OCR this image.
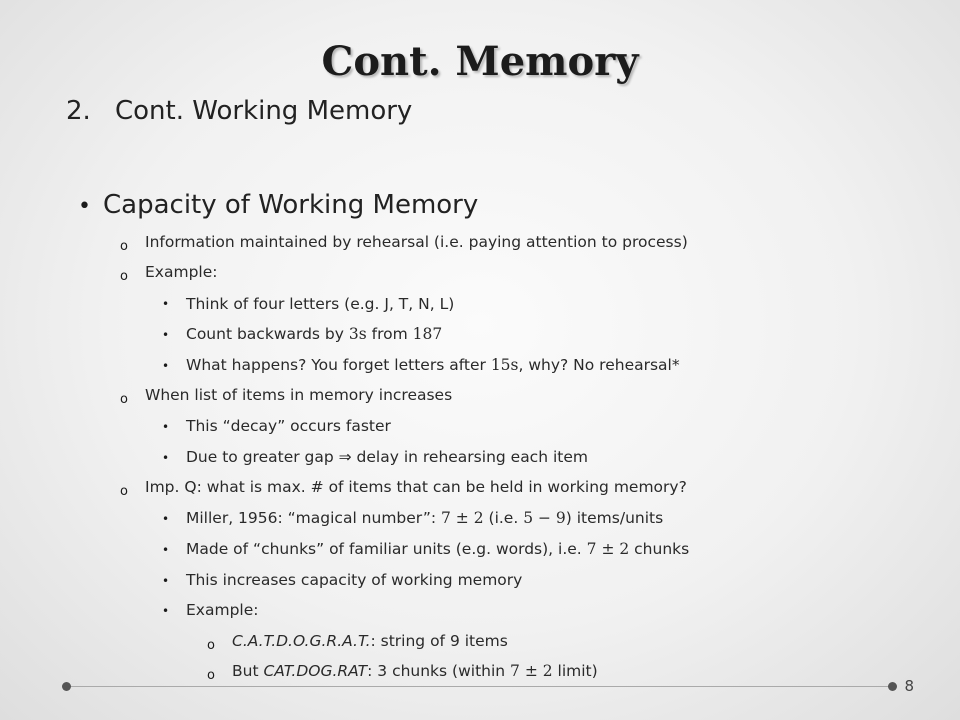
Cont. Memory
2. Cont. Working Memory
• Capacity of Working Memory
o Information maintained by rehearsal (i.e. paying attention to process)
o Example:
• Think of four letters (e.g. J, T, N, L)
• Count backwards by 3s from 187
• What happens? You forget letters after 15s, why? No rehearsal*
o When list of items in memory increases
• This “decay” occurs faster
• Due to greater gap ⇒ delay in rehearsing each item
o Imp. Q: what is max. # of items that can be held in working memory?
• Miller, 1956: “magical number”: 7 ± 2 (i.e. 5 − 9) items/units
• Made of “chunks” of familiar units (e.g. words), i.e. 7 ± 2 chunks
• This increases capacity of working memory
• Example:
o C.A.T.D.O.G.R.A.T.: string of 9 items
o But CAT.DOG.RAT: 3 chunks (within 7 ± 2 limit)
8
